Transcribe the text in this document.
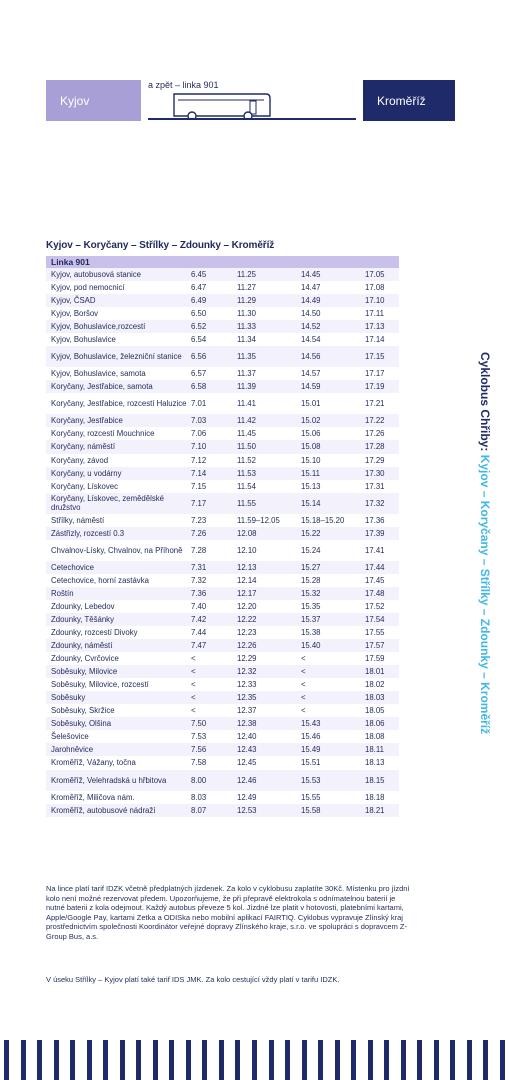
Kyjov
a zpět – linka 901
Kroměříž
Kyjov – Koryčany – Střílky – Zdounky – Kroměříž
Linka 901
Kyjov, autobusová stanice	6.45	11.25	14.45	17.05
Kyjov, pod nemocnicí	6.47	11.27	14.47	17.08
Kyjov, ČSAD	6.49	11.29	14.49	17.10
Kyjov, Boršov	6.50	11.30	14.50	17.11
Kyjov, Bohuslavice,rozcestí	6.52	11.33	14.52	17.13
Kyjov, Bohuslavice	6.54	11.34	14.54	17.14
Kyjov, Bohuslavice, železniční stanice	6.56	11.35	14.56	17.15
Kyjov, Bohuslavice, samota	6.57	11.37	14.57	17.17
Koryčany, Jestřabice, samota	6.58	11.39	14.59	17.19
Koryčany, Jestřabice, rozcestí Haluzice 7.01	11.41	15.01	17.21
Koryčany, Jestřabice	7.03	11.42	15.02	17.22
Koryčany, rozcestí Mouchnice	7.06	11.45	15.06	17.26
Koryčany, náměstí	7.10	11.50	15.08	17.28
Koryčany, závod	7.12	11.52	15.10	17.29
Koryčany, u vodárny	7.14	11.53	15.11	17.30
Koryčany, Lískovec	7.15	11.54	15.13	17.31
Koryčany, Lískovec, zemědělské družstvo	7.17	11.55	15.14	17.32
Střílky, náměstí	7.23	11.59–12.05	15.18–15.20	17.36
Zástřizly, rozcestí 0.3	7.26	12.08	15.22	17.39
Chvalnov-Lísky, Chvalnov, na Příhoně	7.28	12.10	15.24	17.41
Cetechovice	7.31	12.13	15.27	17.44
Cetechovice, horní zastávka	7.32	12.14	15.28	17.45
Roštín	7.36	12.17	15.32	17.48
Zdounky, Lebedov	7.40	12.20	15.35	17.52
Zdounky, Těšánky	7.42	12.22	15.37	17.54
Zdounky, rozcestí Divoky	7.44	12.23	15.38	17.55
Zdounky, náměstí	7.47	12.26	15.40	17.57
Zdounky, Cvrčovice	<	12.29	<	17.59
Soběsuky, Milovice	<	12.32	<	18.01
Soběsuky, Milovice, rozcestí	<	12.33	<	18.02
Soběsuky	<	12.35	<	18.03
Soběsuky, Skržice	<	12.37	<	18.05
Soběsuky, Olšina	7.50	12.38	15.43	18.06
Šelešovice	7.53	12.40	15.46	18.08
Jarohněvice	7.56	12.43	15.49	18.11
Kroměříž, Vážany, točna	7.58	12.45	15.51	18.13
Kroměříž, Velehradská u hřbitova	8.00	12.46	15.53	18.15
Kroměříž, Miličova nám.	8.03	12.49	15.55	18.18
Kroměříž, autobusové nádraží	8.07	12.53	15.58	18.21
Cyklobus Chřiby: Kyjov – Koryčany – Střílky – Zdounky – Kroměříž
Na lince platí tarif IDZK včetně předplatných jízdenek. Za kolo v cyklobusu zaplatíte 30Kč. Místenku pro jízdní kolo není možné rezervovat předem. Upozorňujeme, že při přepravě elektrokola s odnímatelnou baterií je nutné baterii z kola odejmout. Každý autobus převeze 5 kol. Jízdné lze platit v hotovosti, platebními kartami, Apple/Google Pay, kartami Zetka a ODISka nebo mobilní aplikací FAIRTIQ. Cyklobus vypravuje Zlínský kraj prostřednictvím společnosti Koordinátor veřejné dopravy Zlínského kraje, s.r.o. ve spolupráci s dopravcem Z-Group Bus, a.s.
V úseku Střílky – Kyjov platí také tarif IDS JMK. Za kolo cestující vždy platí v tarifu IDZK.
